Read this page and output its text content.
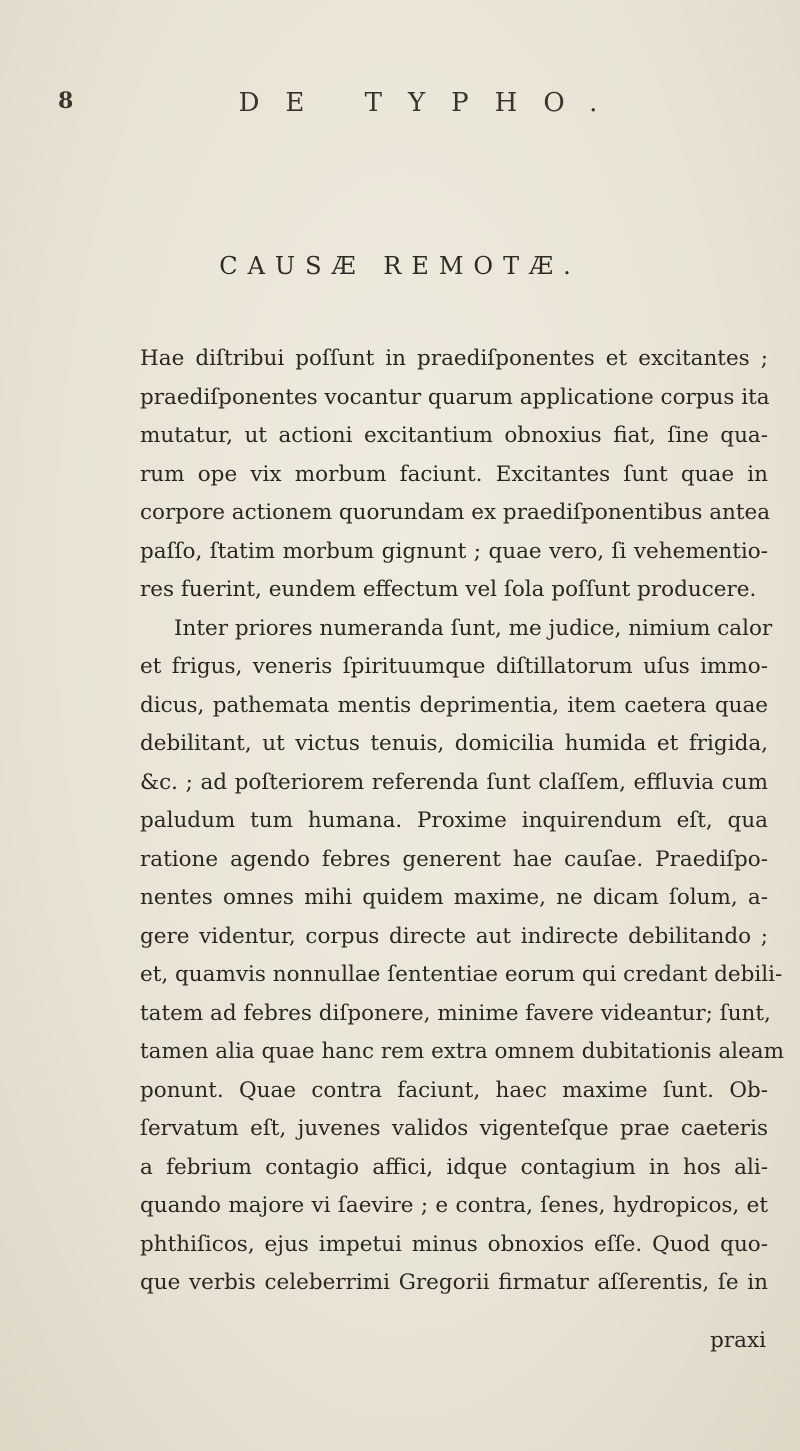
8	DE TYPHO.
CAUSÆ REMOTÆ.
Hae diſtribui poſſunt in praediſponentes et excitantes ;
praediſponentes vocantur quarum applicatione corpus ita
mutatur, ut actioni excitantium obnoxius fiat, ſine qua-
rum ope vix morbum faciunt. Excitantes ſunt quae in
corpore actionem quorundam ex praediſponentibus antea
paſſo, ſtatim morbum gignunt ; quae vero, ſi vehementio-
res fuerint, eundem effectum vel ſola poſſunt producere.
Inter priores numeranda ſunt, me judice, nimium calor
et frigus, veneris ſpirituumque diſtillatorum uſus immo-
dicus, pathemata mentis deprimentia, item caetera quae
debilitant, ut victus tenuis, domicilia humida et frigida,
&c. ; ad poſteriorem referenda ſunt claſſem, effluvia cum
paludum tum humana. Proxime inquirendum eſt, qua
ratione agendo febres generent hae cauſae. Praediſpo-
nentes omnes mihi quidem maxime, ne dicam ſolum, a-
gere videntur, corpus directe aut indirecte debilitando ;
et, quamvis nonnullae ſententiae eorum qui credant debili-
tatem ad febres diſponere, minime favere videantur; ſunt,
tamen alia quae hanc rem extra omnem dubitationis aleam
ponunt. Quae contra faciunt, haec maxime ſunt. Ob-
ſervatum eſt, juvenes validos vigenteſque prae caeteris
a febrium contagio affici, idque contagium in hos ali-
quando majore vi ſaevire ; e contra, ſenes, hydropicos, et
phthiſicos, ejus impetui minus obnoxios eſſe. Quod quo-
que verbis celeberrimi Gregorii firmatur aſſerentis, ſe in
praxi
